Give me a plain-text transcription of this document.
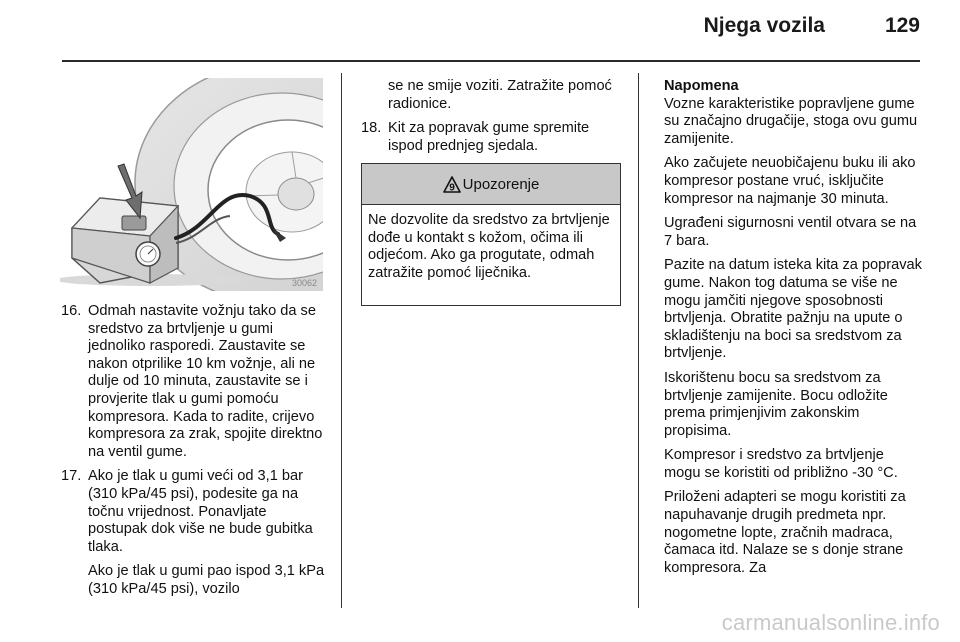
Njega vozila	129
30062
16. Odmah nastavite vožnju tako da se sredstvo za brtvljenje u gumi jednoliko rasporedi. Zaustavite se nakon otprilike 10 km vožnje, ali ne dulje od 10 minuta, zaustavite se i provjerite tlak u gumi pomoću kompresora. Kada to radite, crijevo kompresora za zrak, spojite direktno na ventil gume.
17. Ako je tlak u gumi veći od 3,1 bar (310 kPa/45 psi), podesite ga na točnu vrijednost. Ponavljate postupak dok više ne bude gubitka tlaka.
Ako je tlak u gumi pao ispod 3,1 kPa (310 kPa/45 psi), vozilo
se ne smije voziti. Zatražite pomoć radionice.
18. Kit za popravak gume spremite ispod prednjeg sjedala.
9 Upozorenje
Ne dozvolite da sredstvo za brtvljenje dođe u kontakt s kožom, očima ili odjećom. Ako ga progutate, odmah zatražite pomoć liječnika.
Napomena

Vozne karakteristike popravljene gume su značajno drugačije, stoga ovu gumu zamijenite.

Ako začujete neuobičajenu buku ili ako kompresor postane vruć, isključite kompresor na najmanje 30 minuta.

Ugrađeni sigurnosni ventil otvara se na 7 bara.

Pazite na datum isteka kita za popravak gume. Nakon tog datuma se više ne mogu jamčiti njegove sposobnosti brtvljenja. Obratite pažnju na upute o skladištenju na boci sa sredstvom za brtvljenje.

Iskorištenu bocu sa sredstvom za brtvljenje zamijenite. Bocu odložite prema primjenjivim zakonskim propisima.

Kompresor i sredstvo za brtvljenje mogu se koristiti od približno -30 °C.

Priloženi adapteri se mogu koristiti za napuhavanje drugih predmeta npr. nogometne lopte, zračnih madraca, čamaca itd. Nalaze se s donje strane kompresora. Za

carmanualsonline.info
